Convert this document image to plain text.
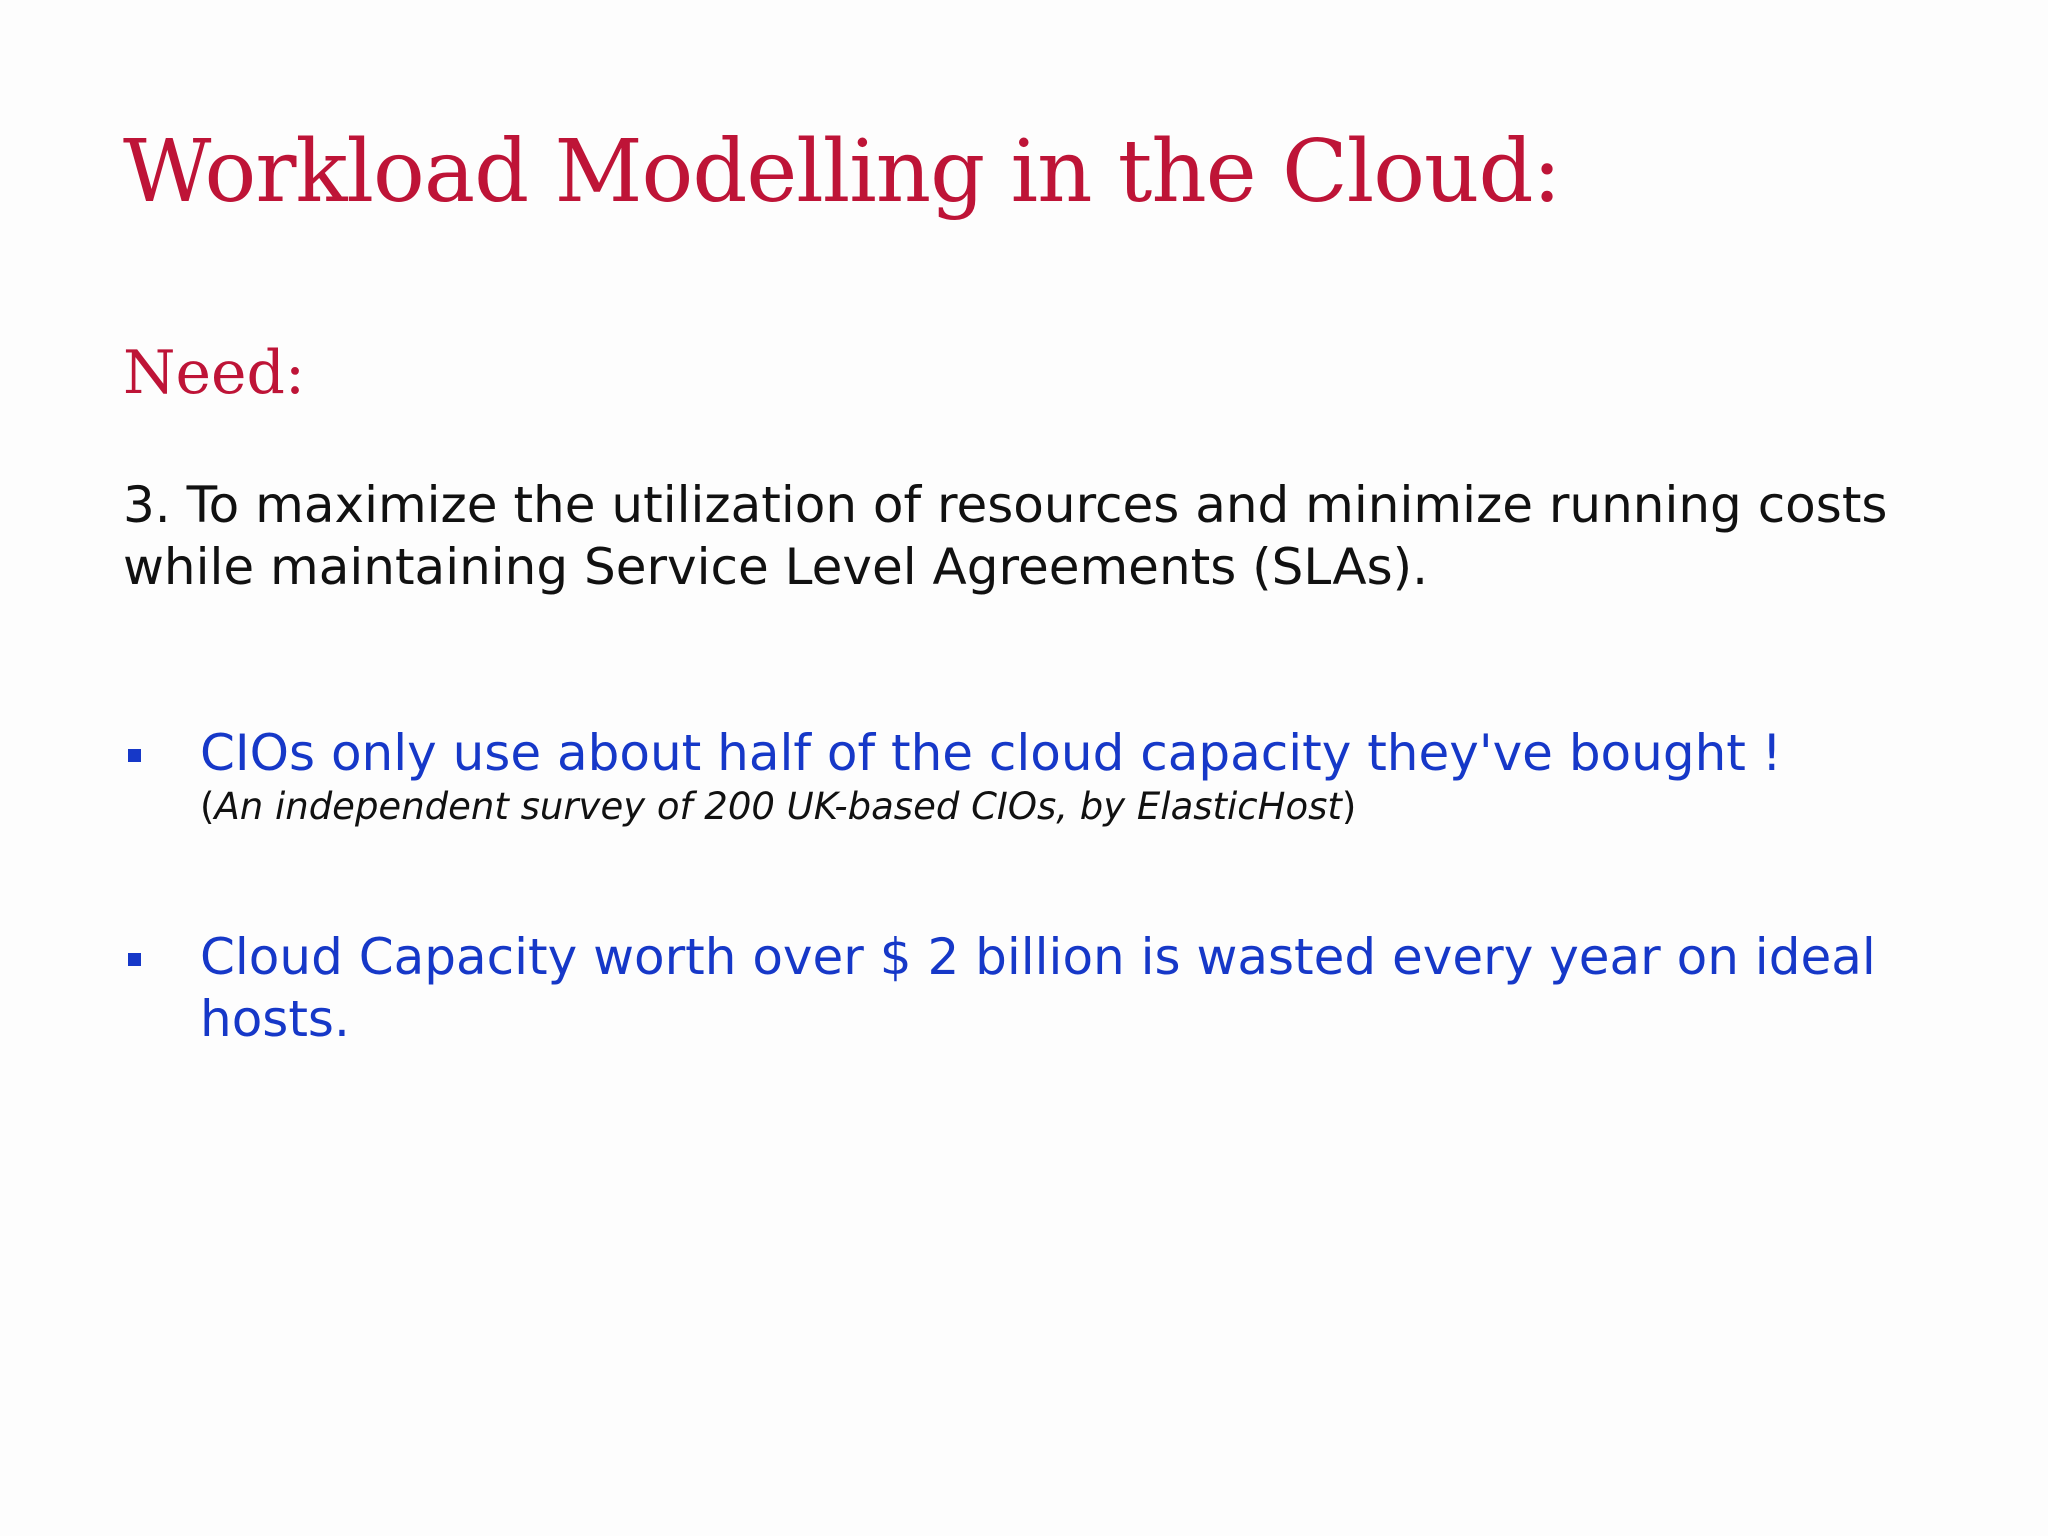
Workload Modelling in the Cloud:
Need:

3. To maximize the utilization of resources and minimize running costs while maintaining Service Level Agreements (SLAs).

CIOs only use about half of the cloud capacity they've bought !
(An independent survey of 200 UK-based CIOs, by ElasticHost)
Cloud Capacity worth over $ 2 billion is wasted every year on ideal hosts.
